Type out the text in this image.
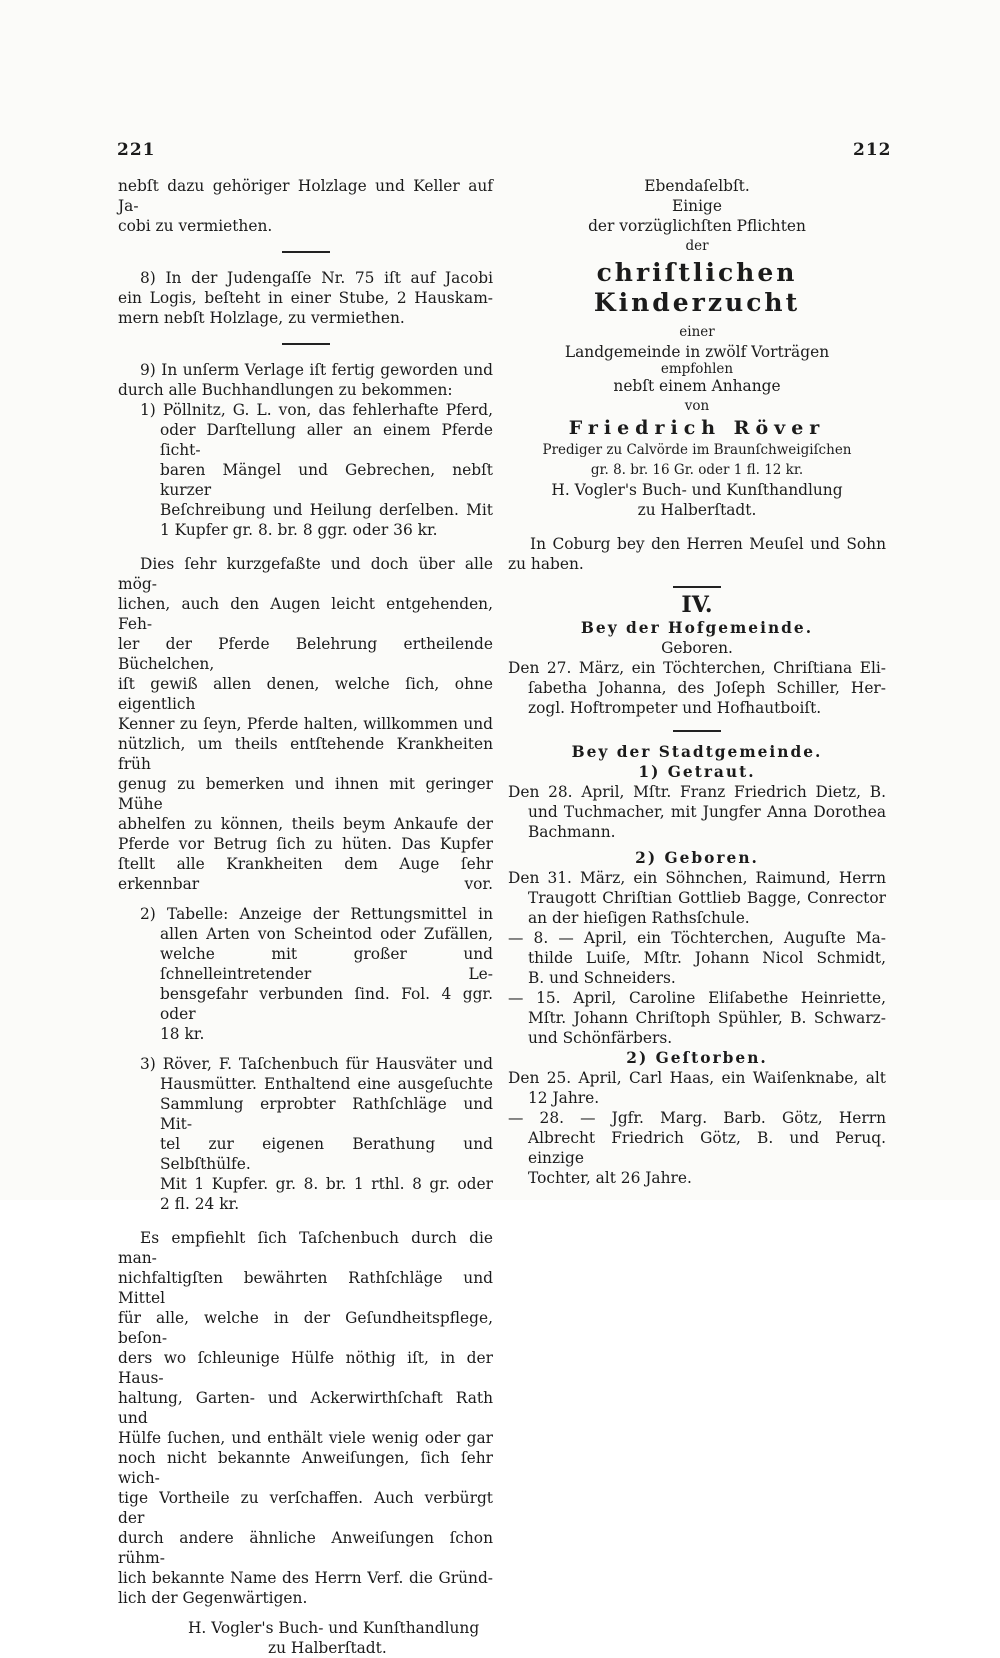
221	212
nebſt dazu gehöriger Holzlage und Keller auf Ja-
cobi zu vermiethen.
8) In der Judengaſſe Nr. 75 iſt auf Jacobi
ein Logis, beſteht in einer Stube, 2 Hauskam-
mern nebſt Holzlage, zu vermiethen.
9) In unſerm Verlage iſt fertig geworden und
durch alle Buchhandlungen zu bekommen:
1) Pöllnitz, G. L. von, das fehlerhafte Pferd,
oder Darſtellung aller an einem Pferde ſicht-
baren Mängel und Gebrechen, nebſt kurzer
Beſchreibung und Heilung derſelben. Mit
1 Kupfer gr. 8. br. 8 ggr. oder 36 kr.
Dies ſehr kurzgefaßte und doch über alle mög-
lichen, auch den Augen leicht entgehenden, Feh-
ler der Pferde Belehrung ertheilende Büchelchen,
iſt gewiß allen denen, welche ſich, ohne eigentlich
Kenner zu ſeyn, Pferde halten, willkommen und
nützlich, um theils entſtehende Krankheiten früh
genug zu bemerken und ihnen mit geringer Mühe
abhelfen zu können, theils beym Ankaufe der
Pferde vor Betrug ſich zu hüten. Das Kupfer
ſtellt alle Krankheiten dem Auge ſehr erkennbar vor.
2) Tabelle: Anzeige der Rettungsmittel in
allen Arten von Scheintod oder Zufällen,
welche mit großer und ſchnelleintretender Le-
bensgefahr verbunden ſind. Fol. 4 ggr. oder
18 kr.
3) Röver, F. Taſchenbuch für Hausväter und
Hausmütter. Enthaltend eine ausgeſuchte
Sammlung erprobter Rathſchläge und Mit-
tel zur eigenen Berathung und Selbſthülfe.
Mit 1 Kupfer. gr. 8. br. 1 rthl. 8 gr. oder
2 fl. 24 kr.
Es empfiehlt ſich Taſchenbuch durch die man-
nichfaltigſten bewährten Rathſchläge und Mittel
für alle, welche in der Geſundheitspflege, beſon-
ders wo ſchleunige Hülfe nöthig iſt, in der Haus-
haltung, Garten- und Ackerwirthſchaft Rath und
Hülfe ſuchen, und enthält viele wenig oder gar
noch nicht bekannte Anweiſungen, ſich ſehr wich-
tige Vortheile zu verſchaffen. Auch verbürgt der
durch andere ähnliche Anweiſungen ſchon rühm-
lich bekannte Name des Herrn Verf. die Gründ-
lich der Gegenwärtigen.
H. Vogler's Buch- und Kunſthandlung
zu Halberſtadt.
Ebendaſelbſt.
Einige
der vorzüglichſten Pflichten
der
chriſtlichen Kinderzucht
einer
Landgemeinde in zwölf Vorträgen
empfohlen
nebſt einem Anhange
von
Friedrich Röver
Prediger zu Calvörde im Braunſchweigiſchen
gr. 8. br. 16 Gr. oder 1 fl. 12 kr.
H. Vogler's Buch- und Kunſthandlung
zu Halberſtadt.
In Coburg bey den Herren Meuſel und Sohn
zu haben.
IV.
Bey der Hofgemeinde.
Geboren.
Den 27. März, ein Töchterchen, Chriſtiana Eli-
ſabetha Johanna, des Joſeph Schiller, Her-
zogl. Hoftrompeter und Hofhautboiſt.
Bey der Stadtgemeinde.
1) Getraut.
Den 28. April, Mſtr. Franz Friedrich Dietz, B.
und Tuchmacher, mit Jungfer Anna Dorothea
Bachmann.
2) Geboren.
Den 31. März, ein Söhnchen, Raimund, Herrn
Traugott Chriſtian Gottlieb Bagge, Conrector
an der hieſigen Rathsſchule.
— 8. — April, ein Töchterchen, Auguſte Ma-
thilde Luiſe, Mſtr. Johann Nicol Schmidt,
B. und Schneiders.
— 15. April, Caroline Eliſabethe Heinriette,
Mſtr. Johann Chriſtoph Spühler, B. Schwarz-
und Schönfärbers.
2) Geſtorben.
Den 25. April, Carl Haas, ein Waiſenknabe, alt
12 Jahre.
— 28. — Jgfr. Marg. Barb. Götz, Herrn
Albrecht Friedrich Götz, B. und Peruq. einzige
Tochter, alt 26 Jahre.
